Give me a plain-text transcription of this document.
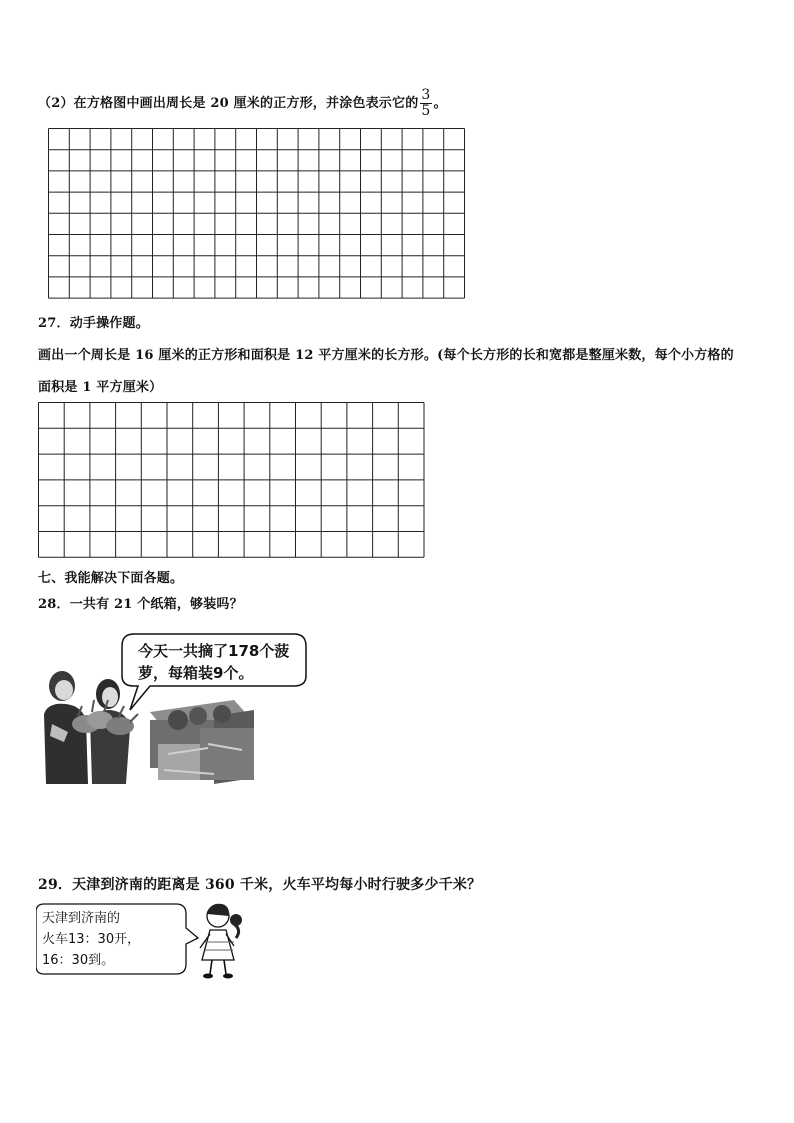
（2）在方格图中画出周长是 20 厘米的正方形，并涂色表示它的 $\frac{3}{5}$ 。
27．动手操作题。
画出一个周长是 16 厘米的正方形和面积是 12 平方厘米的长方形。(每个长方形的长和宽都是整厘米数，每个小方格的
面积是 1 平方厘米）
七、我能解决下面各题。
28．一共有 21 个纸箱，够装吗？
今天一共摘了178个菠
萝，每箱装9个。
29．天津到济南的距离是 360 千米，火车平均每小时行驶多少千米？
天津到济南的
火车13：30开，
16：30到。
